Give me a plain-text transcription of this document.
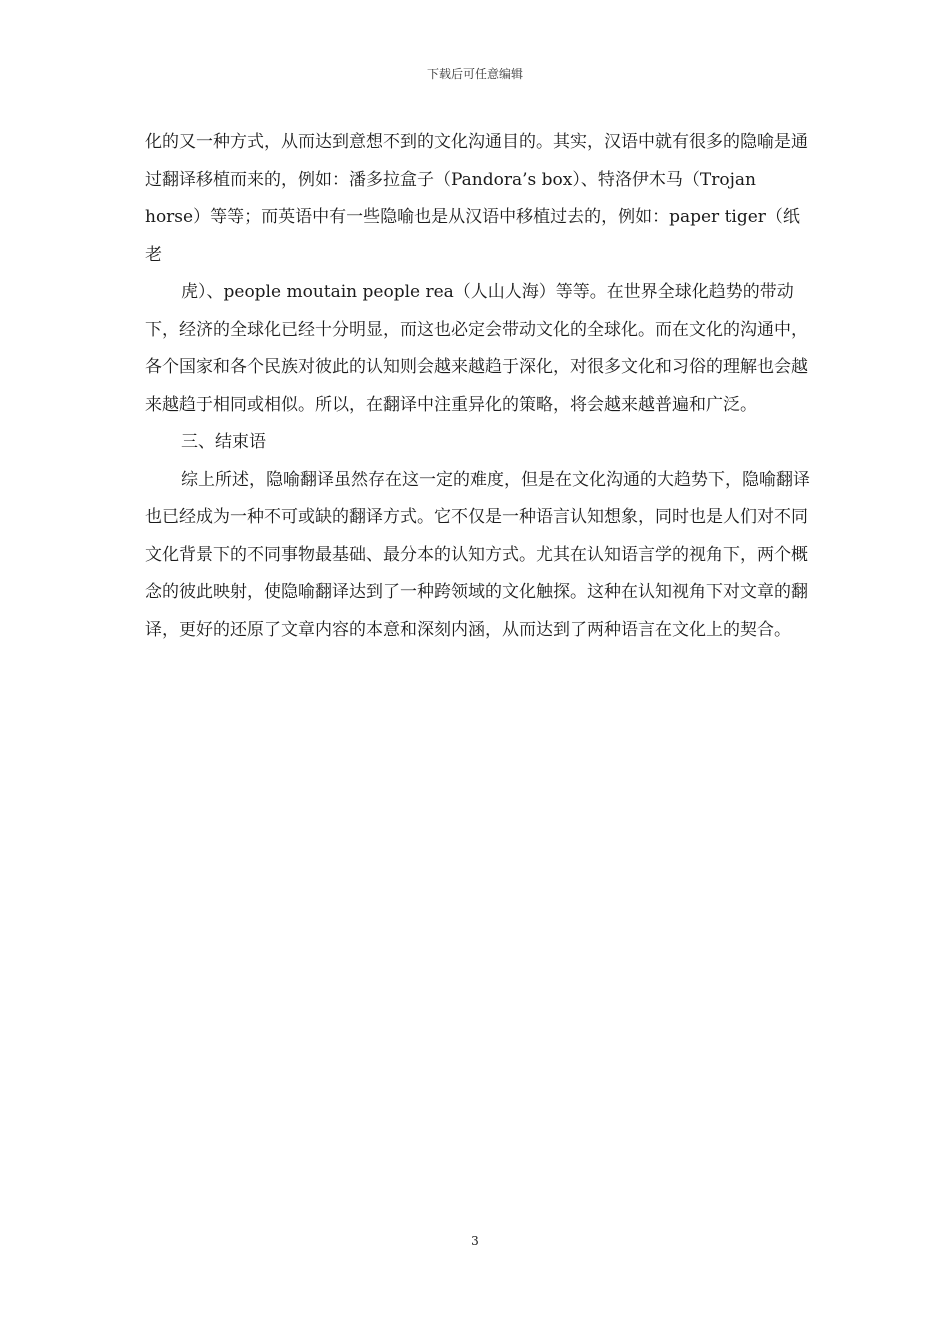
下载后可任意编辑

化的又一种方式，从而达到意想不到的文化沟通目的。其实，汉语中就有很多的隐喻是通过翻译移植而来的，例如：潘多拉盒子（Pandora’s box）、特洛伊木马（Trojan horse）等等；而英语中有一些隐喻也是从汉语中移植过去的，例如：paper tiger（纸老

虎）、people moutain people rea（人山人海）等等。在世界全球化趋势的带动下，经济的全球化已经十分明显，而这也必定会带动文化的全球化。而在文化的沟通中，各个国家和各个民族对彼此的认知则会越来越趋于深化，对很多文化和习俗的理解也会越来越趋于相同或相似。所以，在翻译中注重异化的策略，将会越来越普遍和广泛。

三、结束语

综上所述，隐喻翻译虽然存在这一定的难度，但是在文化沟通的大趋势下，隐喻翻译也已经成为一种不可或缺的翻译方式。它不仅是一种语言认知想象，同时也是人们对不同文化背景下的不同事物最基础、最分本的认知方式。尤其在认知语言学的视角下，两个概念的彼此映射，使隐喻翻译达到了一种跨领域的文化触探。这种在认知视角下对文章的翻译，更好的还原了文章内容的本意和深刻内涵，从而达到了两种语言在文化上的契合。

3
